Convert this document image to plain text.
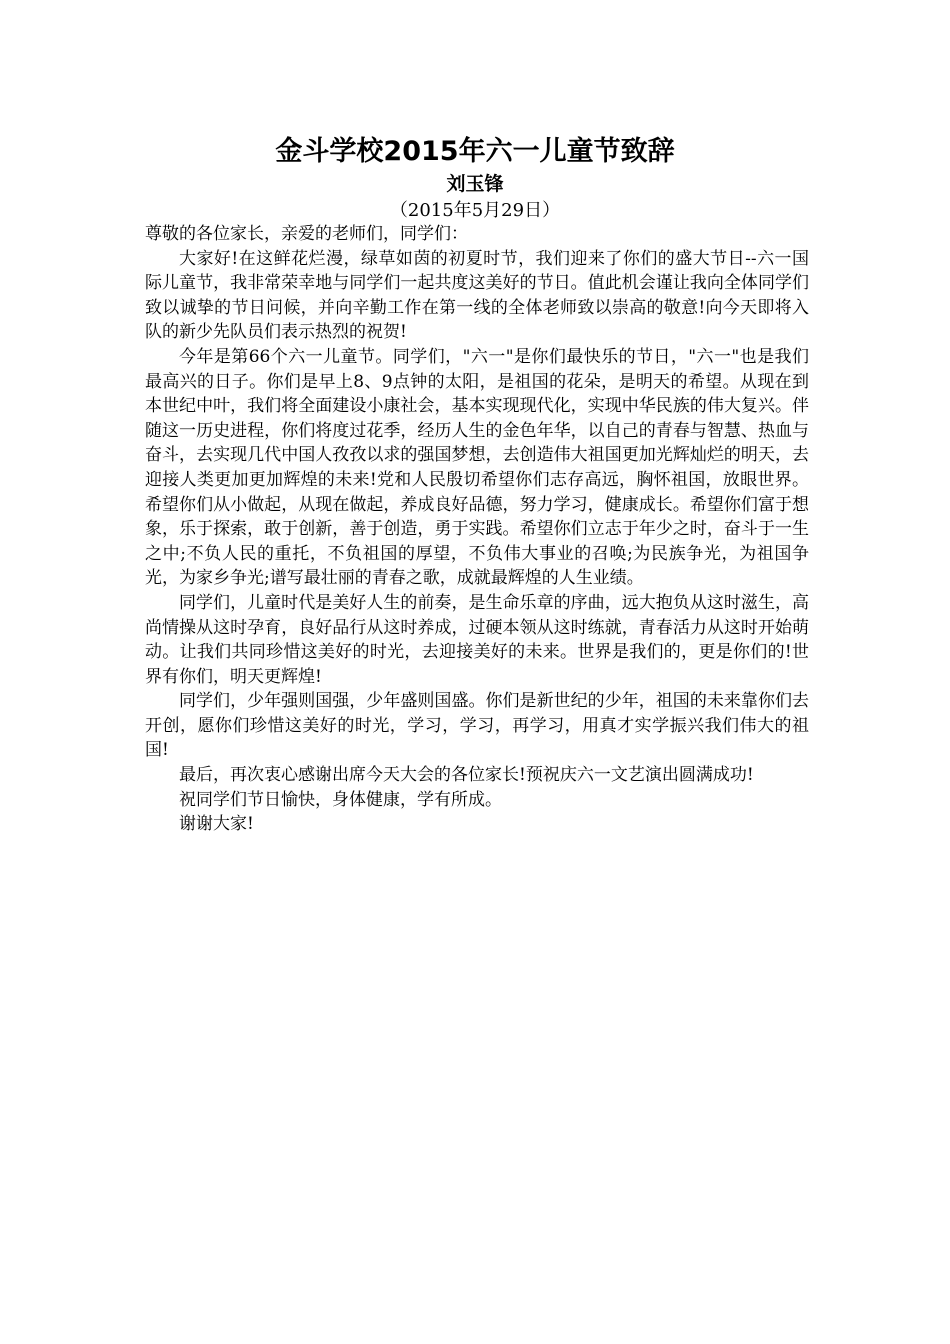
金斗学校2015年六一儿童节致辞
刘玉锋
（2015年5月29日）

尊敬的各位家长，亲爱的老师们，同学们：

大家好!在这鲜花烂漫，绿草如茵的初夏时节，我们迎来了你们的盛大节日--六一国际儿童节，我非常荣幸地与同学们一起共度这美好的节日。值此机会谨让我向全体同学们致以诚挚的节日问候，并向辛勤工作在第一线的全体老师致以崇高的敬意!向今天即将入队的新少先队员们表示热烈的祝贺!

今年是第66个六一儿童节。同学们，"六一"是你们最快乐的节日，"六一"也是我们最高兴的日子。你们是早上8、9点钟的太阳，是祖国的花朵，是明天的希望。从现在到本世纪中叶，我们将全面建设小康社会，基本实现现代化，实现中华民族的伟大复兴。伴随这一历史进程，你们将度过花季，经历人生的金色年华，以自己的青春与智慧、热血与奋斗，去实现几代中国人孜孜以求的强国梦想，去创造伟大祖国更加光辉灿烂的明天，去迎接人类更加更加辉煌的未来!党和人民殷切希望你们志存高远，胸怀祖国，放眼世界。希望你们从小做起，从现在做起，养成良好品德，努力学习，健康成长。希望你们富于想象，乐于探索，敢于创新，善于创造，勇于实践。希望你们立志于年少之时，奋斗于一生之中;不负人民的重托，不负祖国的厚望，不负伟大事业的召唤;为民族争光，为祖国争光，为家乡争光;谱写最壮丽的青春之歌，成就最辉煌的人生业绩。

同学们，儿童时代是美好人生的前奏，是生命乐章的序曲，远大抱负从这时滋生，高尚情操从这时孕育，良好品行从这时养成，过硬本领从这时练就，青春活力从这时开始萌动。让我们共同珍惜这美好的时光，去迎接美好的未来。世界是我们的，更是你们的!世界有你们，明天更辉煌!

同学们，少年强则国强，少年盛则国盛。你们是新世纪的少年，祖国的未来靠你们去开创，愿你们珍惜这美好的时光，学习，学习，再学习，用真才实学振兴我们伟大的祖国!

最后，再次衷心感谢出席今天大会的各位家长!预祝庆六一文艺演出圆满成功!

祝同学们节日愉快，身体健康，学有所成。

谢谢大家!
